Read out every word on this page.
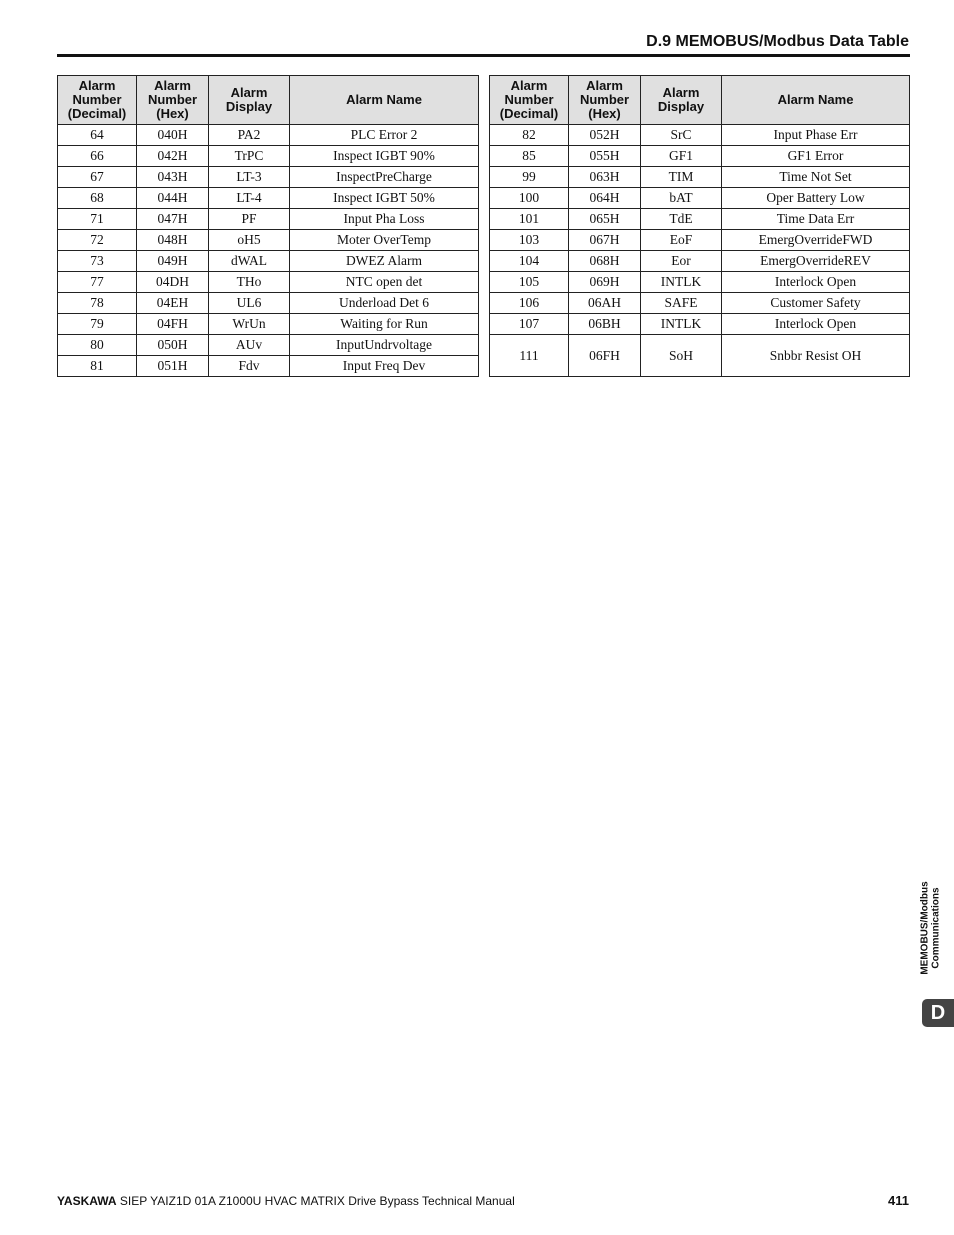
D.9 MEMOBUS/Modbus Data Table
Alarm
Number
(Decimal)	Alarm
Number
(Hex)	Alarm
Display	Alarm Name
64	040H	PA2	PLC Error 2
66	042H	TrPC	Inspect IGBT 90%
67	043H	LT-3	InspectPreCharge
68	044H	LT-4	Inspect IGBT 50%
71	047H	PF	Input Pha Loss
72	048H	oH5	Moter OverTemp
73	049H	dWAL	DWEZ Alarm
77	04DH	THo	NTC open det
78	04EH	UL6	Underload Det 6
79	04FH	WrUn	Waiting for Run
80	050H	AUv	InputUndrvoltage
81	051H	Fdv	Input Freq Dev
Alarm
Number
(Decimal)	Alarm
Number
(Hex)	Alarm
Display	Alarm Name
82	052H	SrC	Input Phase Err
85	055H	GF1	GF1 Error
99	063H	TIM	Time Not Set
100	064H	bAT	Oper Battery Low
101	065H	TdE	Time Data Err
103	067H	EoF	EmergOverrideFWD
104	068H	Eor	EmergOverrideREV
105	069H	INTLK	Interlock Open
106	06AH	SAFE	Customer Safety
107	06BH	INTLK	Interlock Open
111	06FH	SoH	Snbbr Resist OH
MEMOBUS/Modbus Communications
D
YASKAWA SIEP YAIZ1D 01A Z1000U HVAC MATRIX Drive Bypass Technical Manual	411
